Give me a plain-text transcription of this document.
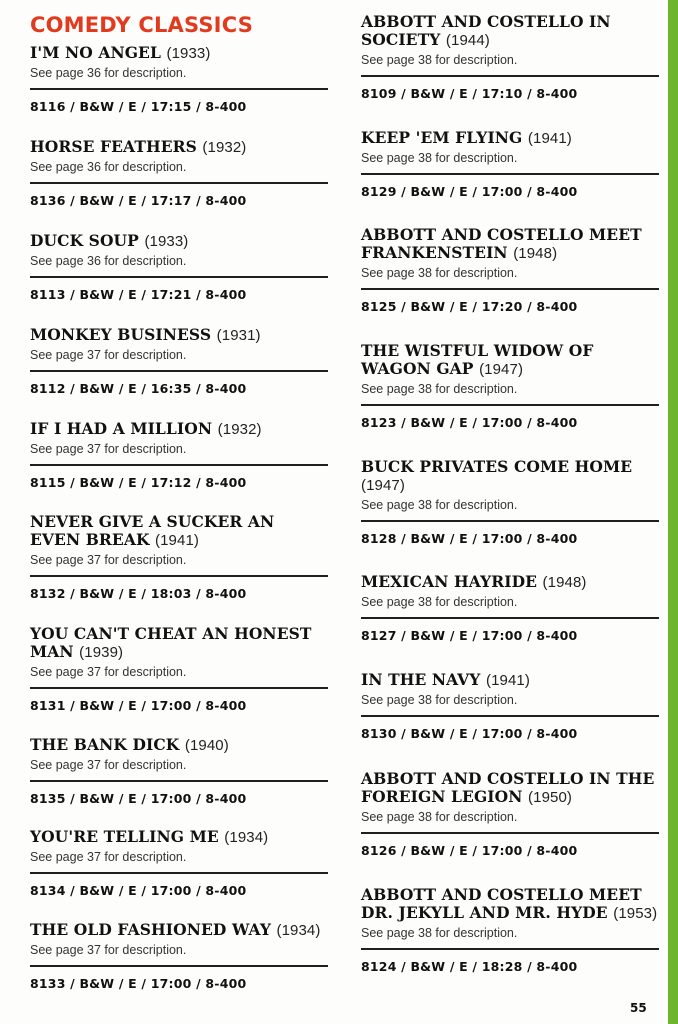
COMEDY CLASSICS
I'M NO ANGEL (1933)
See page 36 for description.
8116 / B&W / E / 17:15 / 8-400
HORSE FEATHERS (1932)
See page 36 for description.
8136 / B&W / E / 17:17 / 8-400
DUCK SOUP (1933)
See page 36 for description.
8113 / B&W / E / 17:21 / 8-400
MONKEY BUSINESS (1931)
See page 37 for description.
8112 / B&W / E / 16:35 / 8-400
IF I HAD A MILLION (1932)
See page 37 for description.
8115 / B&W / E / 17:12 / 8-400
NEVER GIVE A SUCKER AN EVEN BREAK (1941)
See page 37 for description.
8132 / B&W / E / 18:03 / 8-400
YOU CAN'T CHEAT AN HONEST MAN (1939)
See page 37 for description.
8131 / B&W / E / 17:00 / 8-400
THE BANK DICK (1940)
See page 37 for description.
8135 / B&W / E / 17:00 / 8-400
YOU'RE TELLING ME (1934)
See page 37 for description.
8134 / B&W / E / 17:00 / 8-400
THE OLD FASHIONED WAY (1934)
See page 37 for description.
8133 / B&W / E / 17:00 / 8-400
ABBOTT AND COSTELLO IN SOCIETY (1944)
See page 38 for description.
8109 / B&W / E / 17:10 / 8-400
KEEP 'EM FLYING (1941)
See page 38 for description.
8129 / B&W / E / 17:00 / 8-400
ABBOTT AND COSTELLO MEET FRANKENSTEIN (1948)
See page 38 for description.
8125 / B&W / E / 17:20 / 8-400
THE WISTFUL WIDOW OF WAGON GAP (1947)
See page 38 for description.
8123 / B&W / E / 17:00 / 8-400
BUCK PRIVATES COME HOME (1947)
See page 38 for description.
8128 / B&W / E / 17:00 / 8-400
MEXICAN HAYRIDE (1948)
See page 38 for description.
8127 / B&W / E / 17:00 / 8-400
IN THE NAVY (1941)
See page 38 for description.
8130 / B&W / E / 17:00 / 8-400
ABBOTT AND COSTELLO IN THE FOREIGN LEGION (1950)
See page 38 for description.
8126 / B&W / E / 17:00 / 8-400
ABBOTT AND COSTELLO MEET DR. JEKYLL AND MR. HYDE (1953)
See page 38 for description.
8124 / B&W / E / 18:28 / 8-400
55
